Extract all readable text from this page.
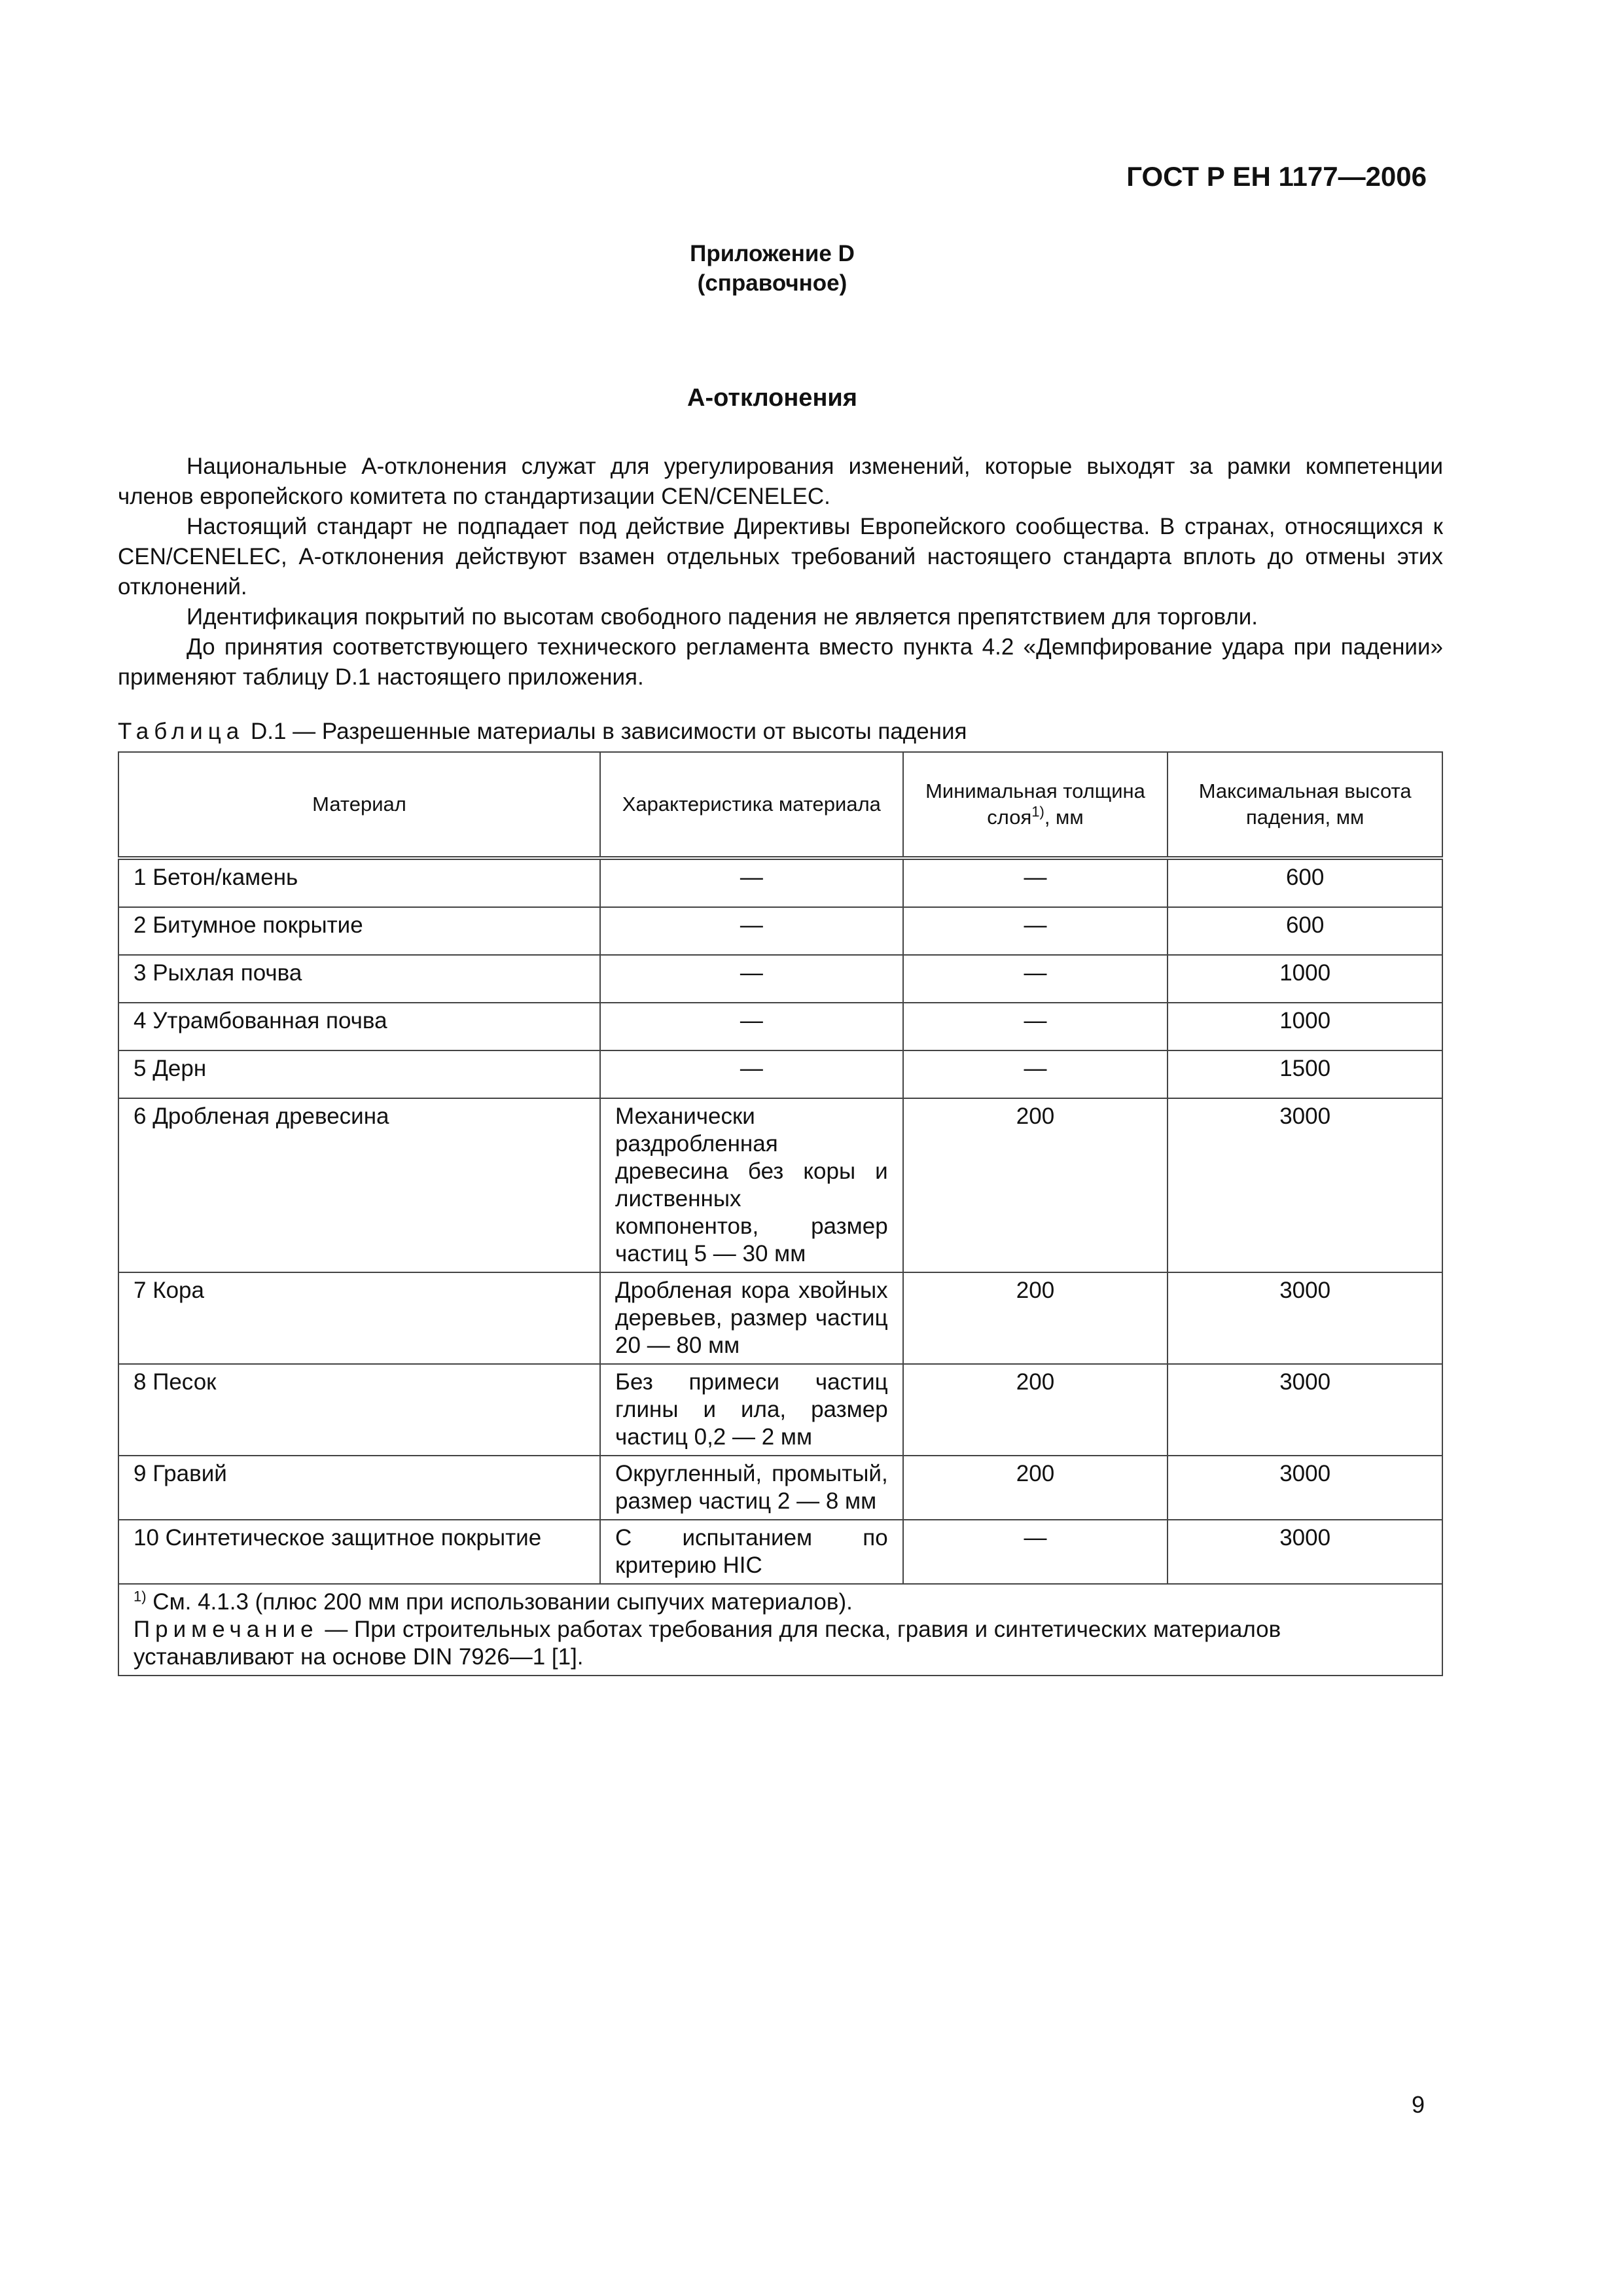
ГОСТ Р ЕН 1177—2006
Приложение D
(справочное)
А-отклонения

Национальные А-отклонения служат для урегулирования изменений, которые выходят за рамки компетенции членов европейского комитета по стандартизации CEN/CENELEC.

Настоящий стандарт не подпадает под действие Директивы Европейского сообщества. В странах, относящихся к CEN/CENELEC, А-отклонения действуют взамен отдельных требований настоящего стандарта вплоть до отмены этих отклонений.

Идентификация покрытий по высотам свободного падения не является препятствием для торговли.

До принятия соответствующего технического регламента вместо пункта 4.2 «Демпфирование удара при падении» применяют таблицу D.1 настоящего приложения.

Таблица D.1 — Разрешенные материалы в зависимости от высоты падения
Материал	Характеристика материала	Минимальная толщина слоя$^{1)}$, мм	Максимальная высота падения, мм
1 Бетон/камень	—	—	600
2 Битумное покрытие	—	—	600
3 Рыхлая почва	—	—	1000
4 Утрамбованная почва	—	—	1000
5 Дерн	—	—	1500
6 Дробленая древесина	Механически раздробленная древесина без коры и лиственных компонентов, размер частиц 5 — 30 мм	200	3000
7 Кора	Дробленая кора хвойных деревьев, размер частиц 20 — 80 мм	200	3000
8 Песок	Без примеси частиц глины и ила, размер частиц 0,2 — 2 мм	200	3000
9 Гравий	Округленный, промытый, размер частиц 2 — 8 мм	200	3000
10 Синтетическое защитное покрытие	С испытанием по критерию HIC	—	3000

$^{1)}$ См. 4.1.3 (плюс 200 мм при использовании сыпучих материалов).
Примечание — При строительных работах требования для песка, гравия и синтетических материалов устанавливают на основе DIN 7926—1 [1].			
9
